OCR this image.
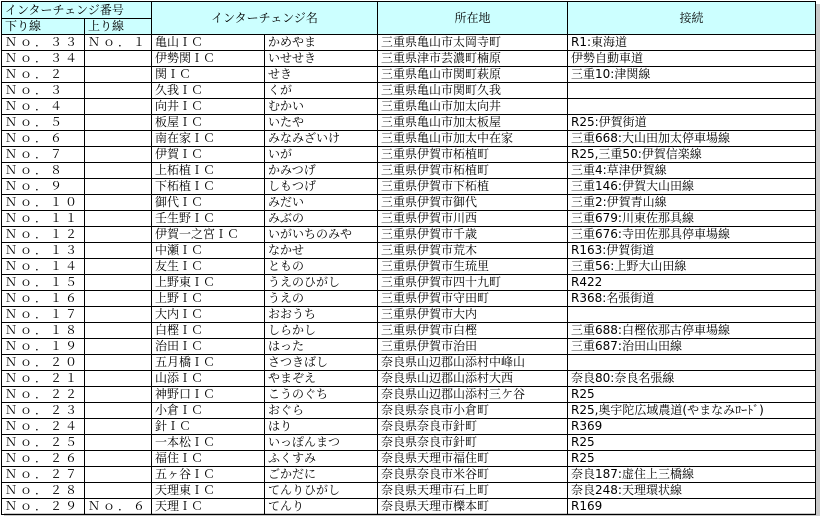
インターチェンジ番号		インターチェンジ名		所在地	接続
下り線	上り線				
Ｎｏ．３３	Ｎｏ．１	亀山ＩＣ	かめやま	三重県亀山市太岡寺町	R1:東海道
Ｎｏ．３４		伊勢関ＩＣ	いせせき	三重県津市芸濃町楠原	伊勢自動車道
Ｎｏ．２		関ＩＣ	せき	三重県亀山市関町萩原	三重10:津関線
Ｎｏ．３		久我ＩＣ	くが	三重県亀山市関町久我	
Ｎｏ．４		向井ＩＣ	むかい	三重県亀山市加太向井	
Ｎｏ．５		板屋ＩＣ	いたや	三重県亀山市加太板屋	R25:伊賀街道
Ｎｏ．６		南在家ＩＣ	みなみざいけ	三重県亀山市加太中在家	三重668:大山田加太停車場線
Ｎｏ．７		伊賀ＩＣ	いが	三重県伊賀市柘植町	R25,三重50:伊賀信楽線
Ｎｏ．８		上柘植ＩＣ	かみつげ	三重県伊賀市柘植町	三重4:草津伊賀線
Ｎｏ．９		下柘植ＩＣ	しもつげ	三重県伊賀市下柘植	三重146:伊賀大山田線
Ｎｏ．１０		御代ＩＣ	みだい	三重県伊賀市御代	三重2:伊賀青山線
Ｎｏ．１１		壬生野ＩＣ	みぶの	三重県伊賀市川西	三重679:川東佐那具線
Ｎｏ．１２		伊賀一之宮ＩＣ	いがいちのみや	三重県伊賀市千歳	三重676:寺田佐那具停車場線
Ｎｏ．１３		中瀬ＩＣ	なかせ	三重県伊賀市荒木	R163:伊賀街道
Ｎｏ．１４		友生ＩＣ	ともの	三重県伊賀市生琉里	三重56:上野大山田線
Ｎｏ．１５		上野東ＩＣ	うえのひがし	三重県伊賀市四十九町	R422
Ｎｏ．１６		上野ＩＣ	うえの	三重県伊賀市守田町	R368:名張街道
Ｎｏ．１７		大内ＩＣ	おおうち	三重県伊賀市大内	
Ｎｏ．１８		白樫ＩＣ	しらかし	三重県伊賀市白樫	三重688:白樫依那古停車場線
Ｎｏ．１９		治田ＩＣ	はった	三重県伊賀市治田	三重687:治田山田線
Ｎｏ．２０		五月橋ＩＣ	さつきばし	奈良県山辺郡山添村中峰山	
Ｎｏ．２１		山添ＩＣ	やまぞえ	奈良県山辺郡山添村大西	奈良80:奈良名張線
Ｎｏ．２２		神野口ＩＣ	こうのぐち	奈良県山辺郡山添村三ケ谷	R25
Ｎｏ．２３		小倉ＩＣ	おぐら	奈良県奈良市小倉町	R25,奥宇陀広域農道(やまなみﾛｰﾄﾞ)
Ｎｏ．２４		針ＩＣ	はり	奈良県奈良市針町	R369
Ｎｏ．２５		一本松ＩＣ	いっぽんまつ	奈良県奈良市針町	R25
Ｎｏ．２６		福住ＩＣ	ふくすみ	奈良県天理市福住町	R25
Ｎｏ．２７		五ヶ谷ＩＣ	ごかだに	奈良県奈良市米谷町	奈良187:虚住上三橋線
Ｎｏ．２８		天理東ＩＣ	てんりひがし	奈良県天理市石上町	奈良248:天理環状線
Ｎｏ．２９	Ｎｏ．６	天理ＩＣ	てんり	奈良県天理市櫟本町	R169
